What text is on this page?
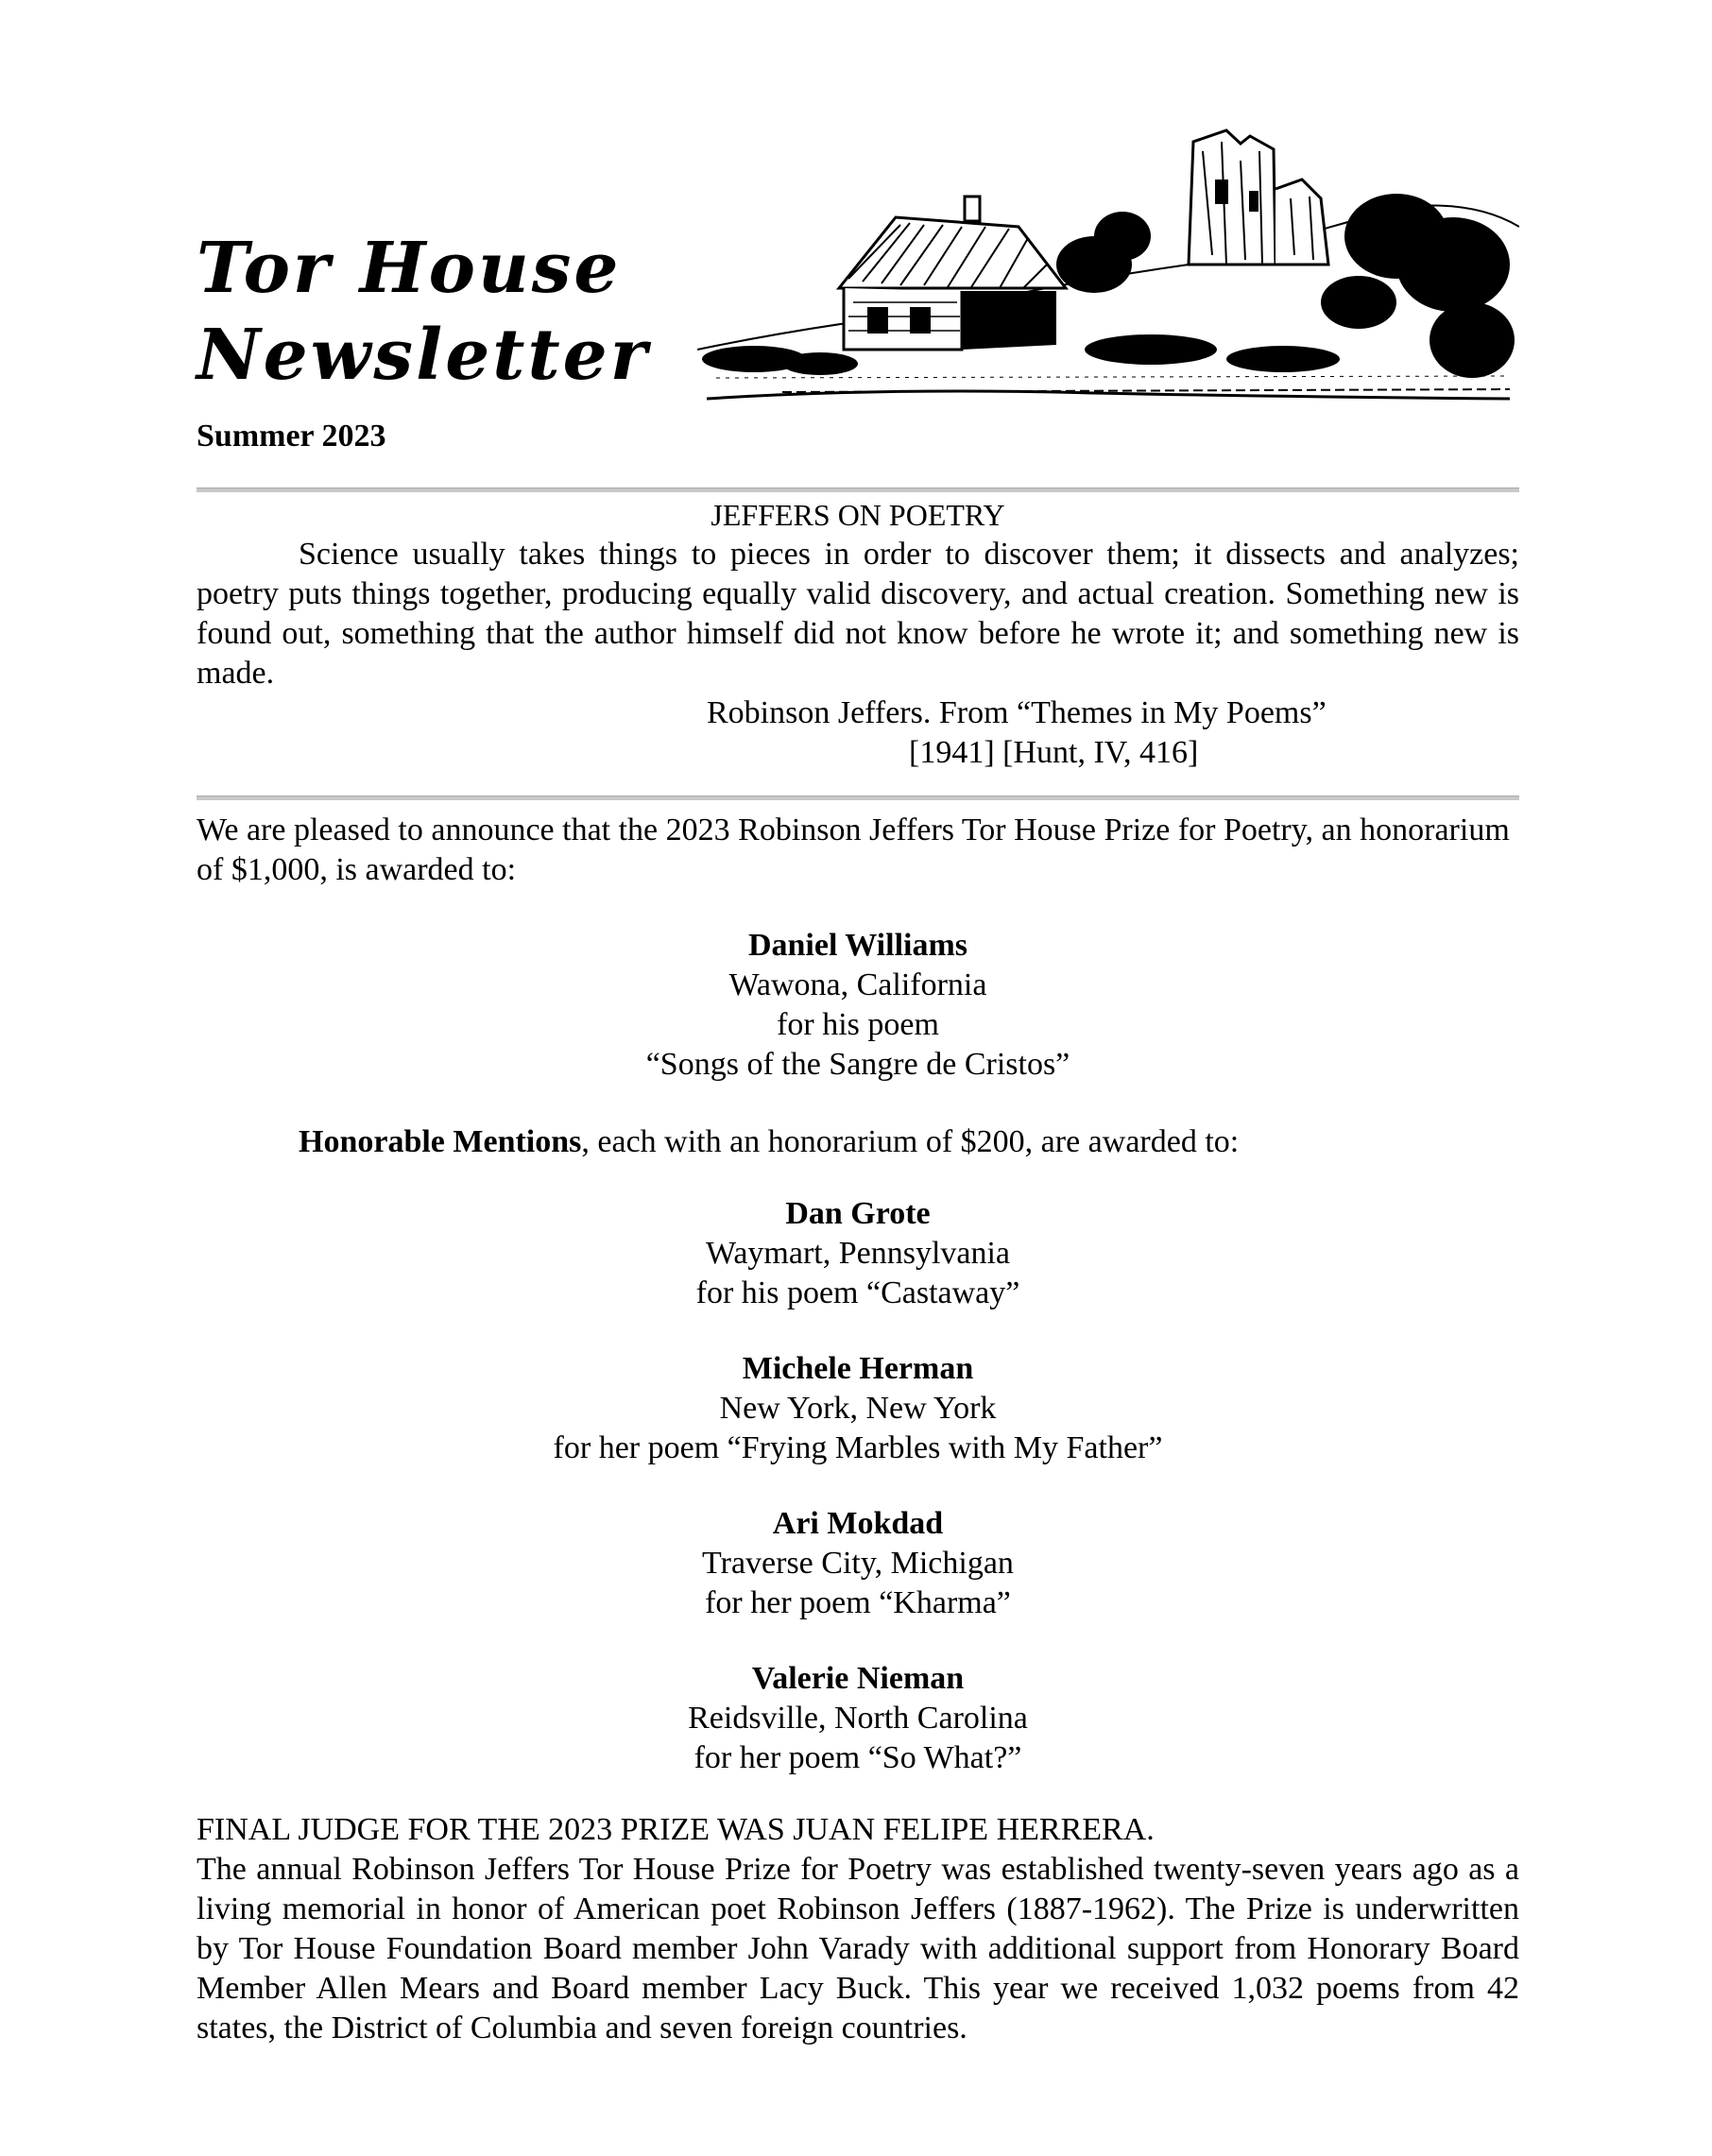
Tor House
Newsletter
Summer 2023
JEFFERS ON POETRY
Science usually takes things to pieces in order to discover them; it dissects and analyzes; poetry puts things together, producing equally valid discovery, and actual creation. Something new is found out, something that the author himself did not know before he wrote it; and something new is made.
Robinson Jeffers. From “Themes in My Poems”
[1941] [Hunt, IV, 416]
We are pleased to announce that the 2023 Robinson Jeffers Tor House Prize for Poetry, an honorarium of $1,000, is awarded to:
Daniel Williams
Wawona, California
for his poem
“Songs of the Sangre de Cristos”
Honorable Mentions, each with an honorarium of $200, are awarded to:
Dan Grote
Waymart, Pennsylvania
for his poem “Castaway”
Michele Herman
New York, New York
for her poem “Frying Marbles with My Father”
Ari Mokdad
Traverse City, Michigan
for her poem “Kharma”
Valerie Nieman
Reidsville, North Carolina
for her poem “So What?”
FINAL JUDGE FOR THE 2023 PRIZE WAS JUAN FELIPE HERRERA.
The annual Robinson Jeffers Tor House Prize for Poetry was established twenty-seven years ago as a living memorial in honor of American poet Robinson Jeffers (1887-1962). The Prize is underwritten by Tor House Foundation Board member John Varady with additional support from Honorary Board Member Allen Mears and Board member Lacy Buck. This year we received 1,032 poems from 42 states, the District of Columbia and seven foreign countries.
